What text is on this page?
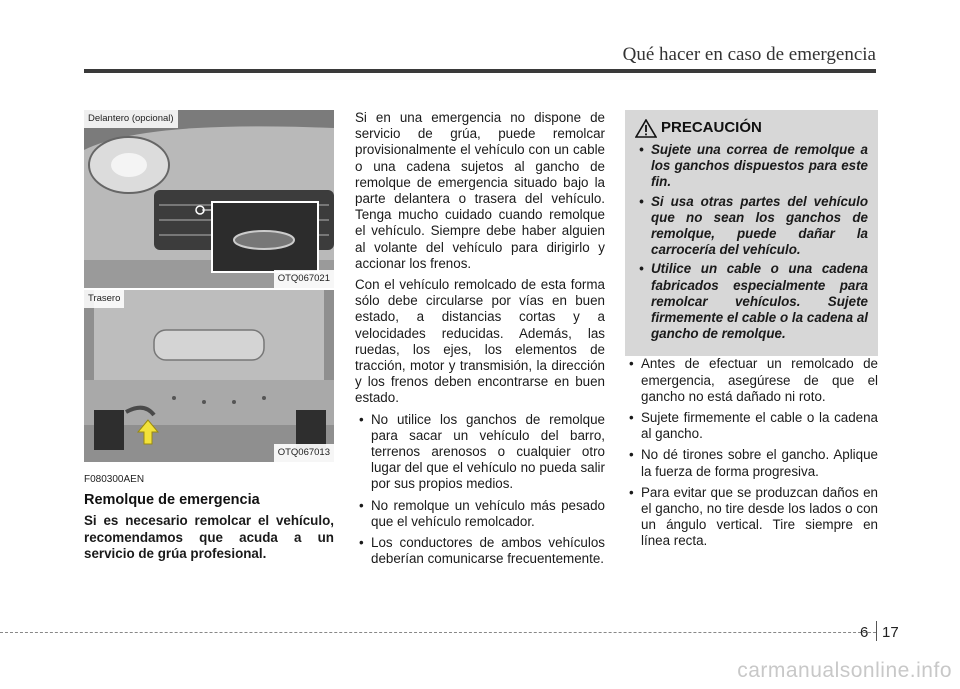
Qué hacer en caso de emergencia
Delantero (opcional)
OTQ067021
Trasero
OTQ067013
F080300AEN
Remolque de emergencia
Si es necesario remolcar el vehículo, recomendamos que acuda a un servicio de grúa profesional.

Si en una emergencia no dispone de servicio de grúa, puede remolcar provisionalmente el vehículo con un cable o una cadena sujetos al gancho de remolque de emergencia situado bajo la parte delantera o trasera del vehículo. Tenga mucho cuidado cuando remolque el vehículo. Siempre debe haber alguien al volante del vehículo para dirigirlo y accionar los frenos.

Con el vehículo remolcado de esta forma sólo debe circularse por vías en buen estado, a distancias cortas y a velocidades reducidas. Además, las ruedas, los ejes, los elementos de tracción, motor y transmisión, la dirección y los frenos deben encontrarse en buen estado.

• No utilice los ganchos de remolque para sacar un vehículo del barro, terrenos arenosos o cualquier otro lugar del que el vehículo no pueda salir por sus propios medios.
• No remolque un vehículo más pesado que el vehículo remolcador.
• Los conductores de ambos vehículos deberían comunicarse frecuentemente.
PRECAUCIÓN
• Sujete una correa de remolque a los ganchos dispuestos para este fin.
• Si usa otras partes del vehículo que no sean los ganchos de remolque, puede dañar la carrocería del vehículo.
• Utilice un cable o una cadena fabricados especialmente para remolcar vehículos. Sujete firmemente el cable o la cadena al gancho de remolque.
• Antes de efectuar un remolcado de emergencia, asegúrese de que el gancho no está dañado ni roto.
• Sujete firmemente el cable o la cadena al gancho.
• No dé tirones sobre el gancho. Aplique la fuerza de forma progresiva.
• Para evitar que se produzcan daños en el gancho, no tire desde los lados o con un ángulo vertical. Tire siempre en línea recta.
6 17
carmanualsonline.info
